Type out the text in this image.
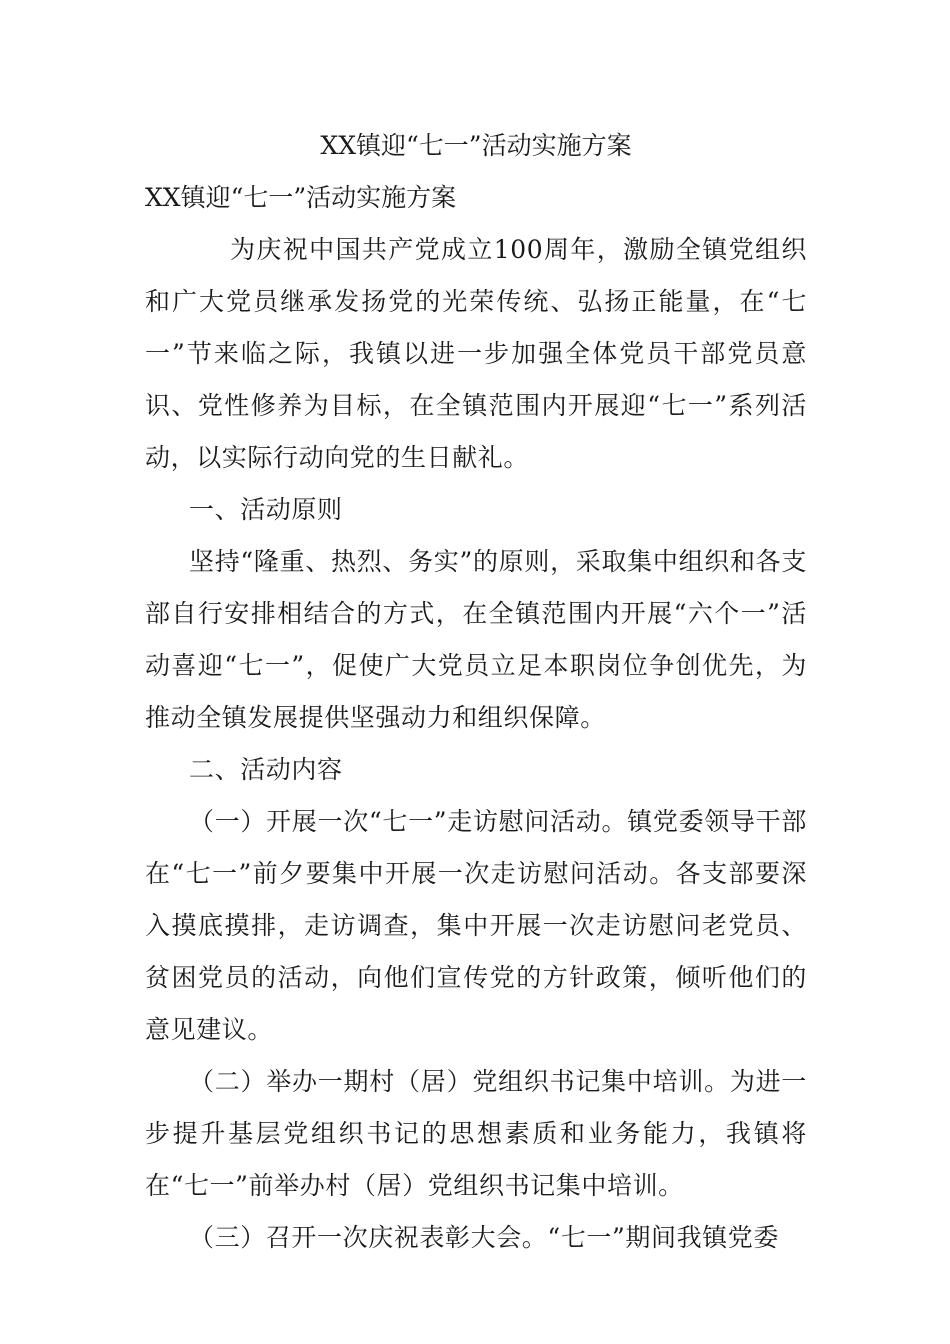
XX镇迎“七一”活动实施方案
XX镇迎“七一”活动实施方案

为庆祝中国共产党成立100周年，激励全镇党组织和广大党员继承发扬党的光荣传统、弘扬正能量，在“七一”节来临之际，我镇以进一步加强全体党员干部党员意识、党性修养为目标，在全镇范围内开展迎“七一”系列活动，以实际行动向党的生日献礼。

一、活动原则

坚持“隆重、热烈、务实”的原则，采取集中组织和各支部自行安排相结合的方式，在全镇范围内开展“六个一”活动喜迎“七一”，促使广大党员立足本职岗位争创优先，为推动全镇发展提供坚强动力和组织保障。

二、活动内容

（一）开展一次“七一”走访慰问活动。镇党委领导干部在“七一”前夕要集中开展一次走访慰问活动。各支部要深入摸底摸排，走访调查，集中开展一次走访慰问老党员、贫困党员的活动，向他们宣传党的方针政策，倾听他们的意见建议。

（二）举办一期村（居）党组织书记集中培训。为进一步提升基层党组织书记的思想素质和业务能力，我镇将在“七一”前举办村（居）党组织书记集中培训。

（三）召开一次庆祝表彰大会。“七一”期间我镇党委
